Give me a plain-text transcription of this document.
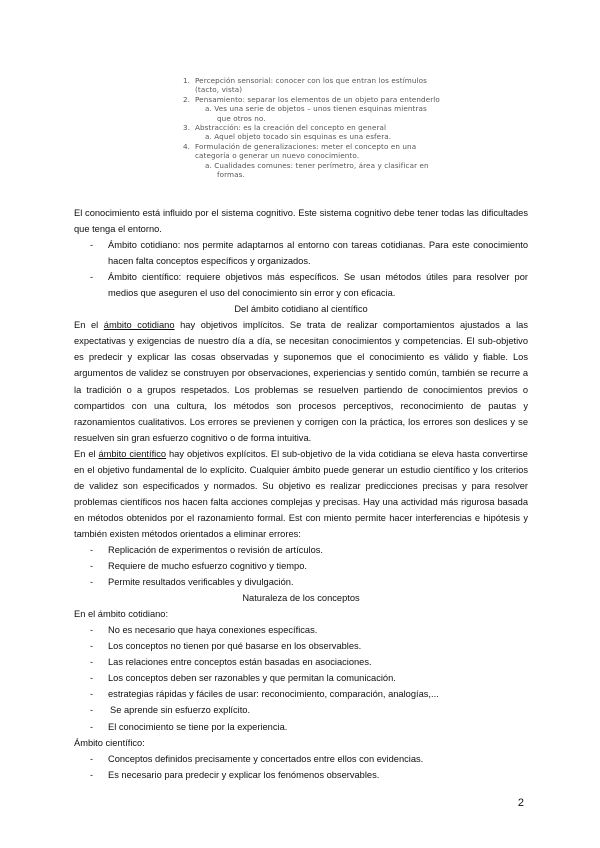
1. Percepción sensorial: conocer con los que entran los estímulos
(tacto, vista)
2. Pensamiento: separar los elementos de un objeto para entenderlo
a. Ves una serie de objetos – unos tienen esquinas mientras
que otros no.
3. Abstracción: es la creación del concepto en general
a. Aquel objeto tocado sin esquinas es una esfera.
4. Formulación de generalizaciones: meter el concepto en una
categoría o generar un nuevo conocimiento.
a. Cualidades comunes: tener perímetro, área y clasificar en
formas.

El conocimiento está influido por el sistema cognitivo. Este sistema cognitivo debe tener todas las dificultades que tenga el entorno.

- Ámbito cotidiano: nos permite adaptarnos al entorno con tareas cotidianas. Para este conocimiento hacen falta conceptos específicos y organizados.
- Ámbito científico: requiere objetivos más específicos. Se usan métodos útiles para resolver por medios que aseguren el uso del conocimiento sin error y con eficacia.

Del ámbito cotidiano al científico

En el ámbito cotidiano hay objetivos implícitos. Se trata de realizar comportamientos ajustados a las expectativas y exigencias de nuestro día a día, se necesitan conocimientos y competencias. El sub-objetivo es predecir y explicar las cosas observadas y suponemos que el conocimiento es válido y fiable. Los argumentos de validez se construyen por observaciones, experiencias y sentido común, también se recurre a la tradición o a grupos respetados. Los problemas se resuelven partiendo de conocimientos previos o compartidos con una cultura, los métodos son procesos perceptivos, reconocimiento de pautas y razonamientos cualitativos. Los errores se previenen y corrigen con la práctica, los errores son deslices y se resuelven sin gran esfuerzo cognitivo o de forma intuitiva.

En el ámbito científico hay objetivos explícitos. El sub-objetivo de la vida cotidiana se eleva hasta convertirse en el objetivo fundamental de lo explícito. Cualquier ámbito puede generar un estudio científico y los criterios de validez son especificados y normados. Su objetivo es realizar predicciones precisas y para resolver problemas científicos nos hacen falta acciones complejas y precisas. Hay una actividad más rigurosa basada en métodos obtenidos por el razonamiento formal. Est con miento permite hacer interferencias e hipótesis y también existen métodos orientados a eliminar errores:

- Replicación de experimentos o revisión de artículos.
- Requiere de mucho esfuerzo cognitivo y tiempo.
- Permite resultados verificables y divulgación.

Naturaleza de los conceptos

En el ámbito cotidiano:

- No es necesario que haya conexiones específicas.
- Los conceptos no tienen por qué basarse en los observables.
- Las relaciones entre conceptos están basadas en asociaciones.
- Los conceptos deben ser razonables y que permitan la comunicación.
- estrategias rápidas y fáciles de usar: reconocimiento, comparación, analogías,...
- Se aprende sin esfuerzo explícito.
- El conocimiento se tiene por la experiencia.

Ámbito científico:

- Conceptos definidos precisamente y concertados entre ellos con evidencias.
- Es necesario para predecir y explicar los fenómenos observables.
2
